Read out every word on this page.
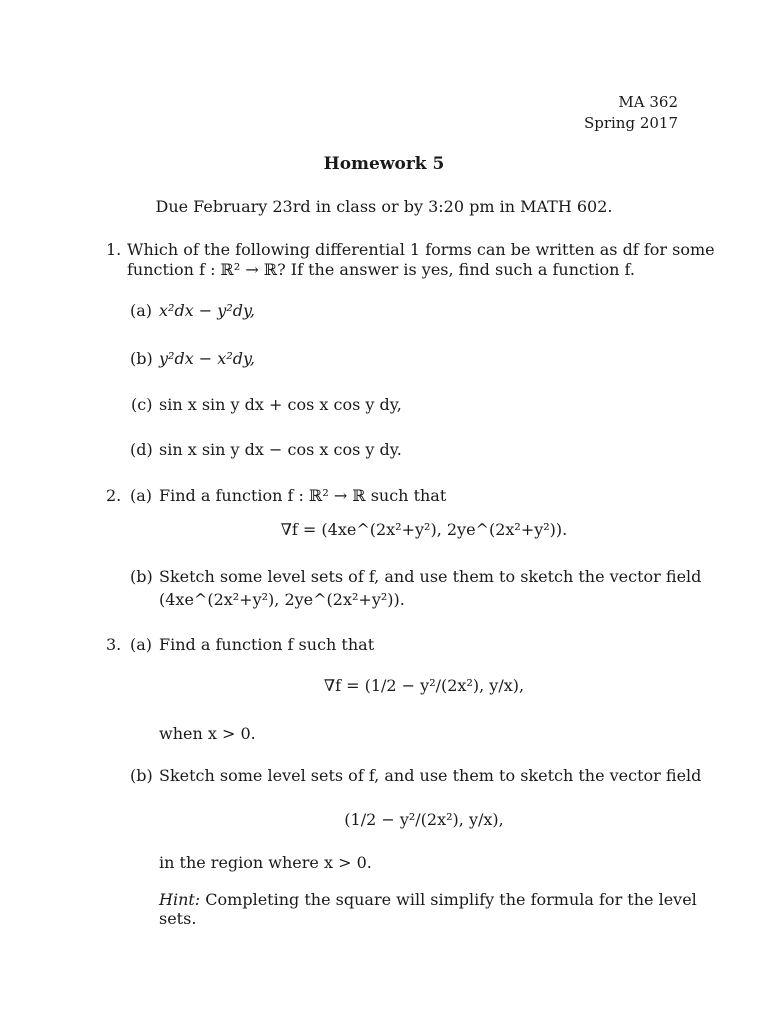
MA 362
Spring 2017
Homework 5
Due February 23rd in class or by 3:20 pm in MATH 602.
1. Which of the following differential 1 forms can be written as df for some
function f : ℝ² → ℝ? If the answer is yes, find such a function f.
(a) x²dx − y²dy,
(b) y²dx − x²dy,
(c) sin x sin y dx + cos x cos y dy,
(d) sin x sin y dx − cos x cos y dy.
2. (a) Find a function f : ℝ² → ℝ such that
∇f = (4xe^(2x²+y²), 2ye^(2x²+y²)).
(b) Sketch some level sets of f, and use them to sketch the vector field
(4xe^(2x²+y²), 2ye^(2x²+y²)).
3. (a) Find a function f such that
∇f = (1/2 − y²/(2x²), y/x),
when x > 0.
(b) Sketch some level sets of f, and use them to sketch the vector field
(1/2 − y²/(2x²), y/x),
in the region where x > 0.
Hint: Completing the square will simplify the formula for the level
sets.
